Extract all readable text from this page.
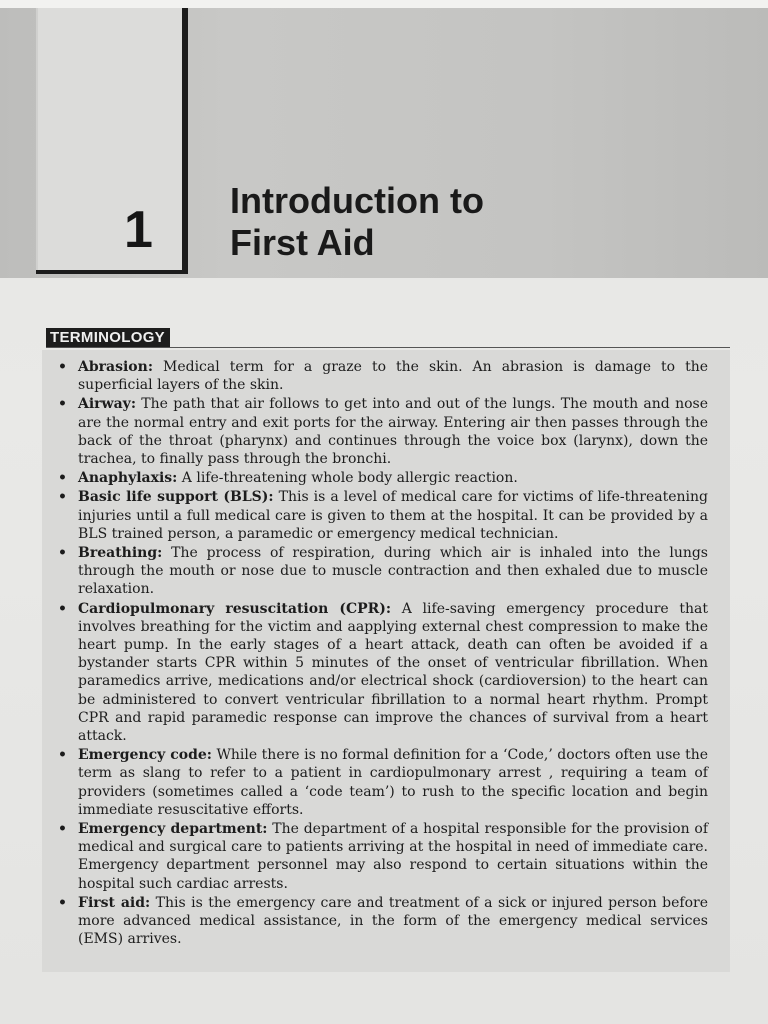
1
Introduction to
First Aid
TERMINOLOGY
• Abrasion: Medical term for a graze to the skin. An abrasion is damage to the superficial layers of the skin.
• Airway: The path that air follows to get into and out of the lungs. The mouth and nose are the normal entry and exit ports for the airway. Entering air then passes through the back of the throat (pharynx) and continues through the voice box (larynx), down the trachea, to finally pass through the bronchi.
• Anaphylaxis: A life-threatening whole body allergic reaction.
• Basic life support (BLS): This is a level of medical care for victims of life-threatening injuries until a full medical care is given to them at the hospital. It can be provided by a BLS trained person, a paramedic or emergency medical technician.
• Breathing: The process of respiration, during which air is inhaled into the lungs through the mouth or nose due to muscle contraction and then exhaled due to muscle relaxation.
• Cardiopulmonary resuscitation (CPR): A life-saving emergency procedure that involves breathing for the victim and aapplying external chest compression to make the heart pump. In the early stages of a heart attack, death can often be avoided if a bystander starts CPR within 5 minutes of the onset of ventricular fibrillation. When paramedics arrive, medications and/or electrical shock (cardioversion) to the heart can be administered to convert ventricular fibrillation to a normal heart rhythm. Prompt CPR and rapid paramedic response can improve the chances of survival from a heart attack.
• Emergency code: While there is no formal definition for a ‘Code,’ doctors often use the term as slang to refer to a patient in cardiopulmonary arrest , requiring a team of providers (sometimes called a ‘code team’) to rush to the specific location and begin immediate resuscitative efforts.
• Emergency department: The department of a hospital responsible for the provision of medical and surgical care to patients arriving at the hospital in need of immediate care. Emergency department personnel may also respond to certain situations within the hospital such cardiac arrests.
• First aid: This is the emergency care and treatment of a sick or injured person before more advanced medical assistance, in the form of the emergency medical services (EMS) arrives.
